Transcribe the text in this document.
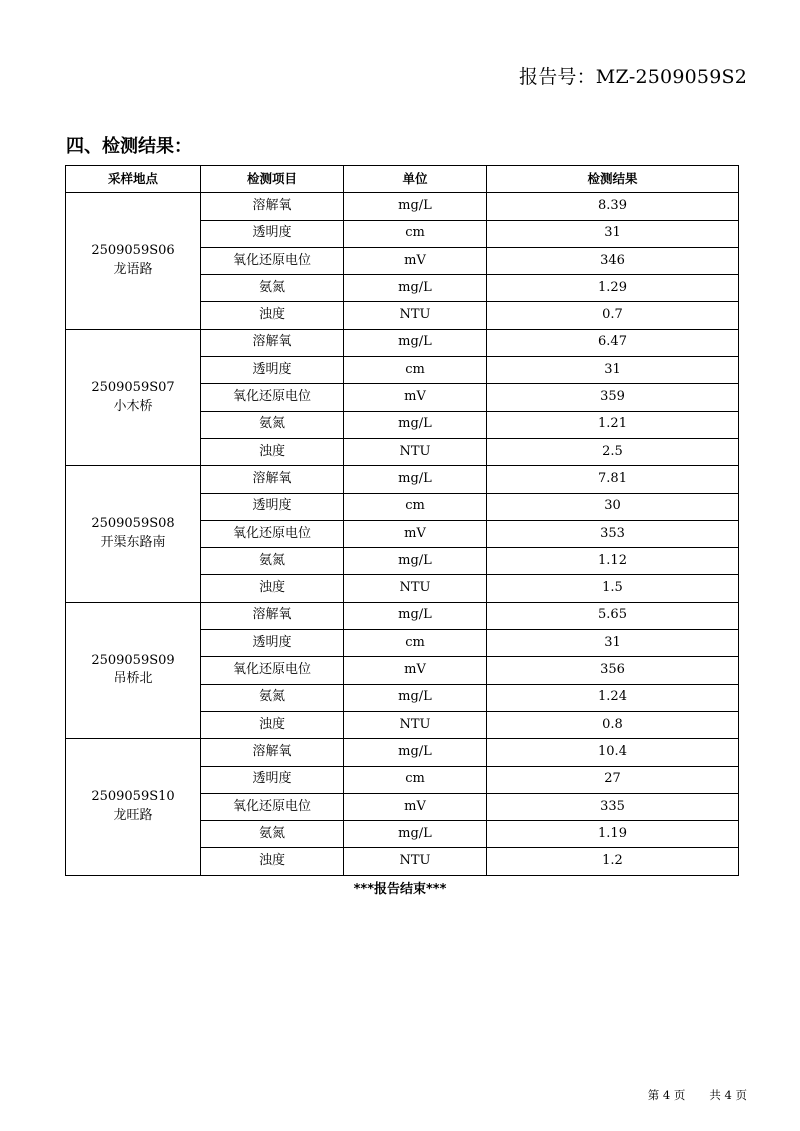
报告号：MZ-2509059S2
四、检测结果：
采样地点	检测项目	单位	检测结果

2509059S06
龙语路	溶解氧	mg/L	8.39
	透明度	cm	31
	氧化还原电位	mV	346
	氨氮	mg/L	1.29
	浊度	NTU	0.7

2509059S07
小木桥	溶解氧	mg/L	6.47
	透明度	cm	31
	氧化还原电位	mV	359
	氨氮	mg/L	1.21
	浊度	NTU	2.5

2509059S08
开渠东路南	溶解氧	mg/L	7.81
	透明度	cm	30
	氧化还原电位	mV	353
	氨氮	mg/L	1.12
	浊度	NTU	1.5

2509059S09
吊桥北	溶解氧	mg/L	5.65
	透明度	cm	31
	氧化还原电位	mV	356
	氨氮	mg/L	1.24
	浊度	NTU	0.8

2509059S10
龙旺路	溶解氧	mg/L	10.4
	透明度	cm	27
	氧化还原电位	mV	335
	氨氮	mg/L	1.19
	浊度	NTU	1.2
***报告结束***
第 4 页 共 4 页
